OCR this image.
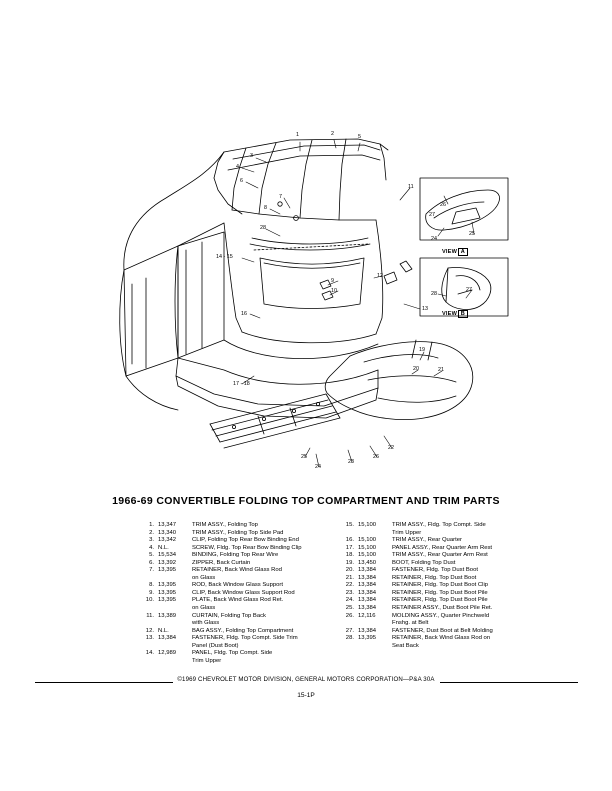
1	2	5
3
4
6
11
7
8
28
14 - 15
9
10
12
13
16
17 - 18
19
20	21
22
23
24
25	26
27
26
24
25
28
27
VIEW A
VIEW B
1966-69 CONVERTIBLE FOLDING TOP COMPARTMENT AND TRIM PARTS
1. 13,347	TRIM ASSY., Folding Top
2. 13,340	TRIM ASSY., Folding Top Side Pad
3. 13,342	CLIP, Folding Top Rear Bow Binding End
4. N.L.	SCREW, Fldg. Top Rear Bow Binding Clip
5. 15,534	BINDING, Folding Top Rear Wire
6. 13,392	ZIPPER, Back Curtain
7. 13,395	RETAINER, Back Wind Glass Rod
on Glass
8. 13,395	ROD, Back Window Glass Support
9. 13,395	CLIP, Back Window Glass Support Rod
10. 13,395	PLATE, Back Wind Glass Rod Ret.
on Glass
11. 13,389	CURTAIN, Folding Top Back
with Glass
12. N.L.	BAG ASSY., Folding Top Compartment
13. 13,384	FASTENER, Fldg. Top Compt. Side Trim
Panel (Dust Boot)
14. 12,989	PANEL, Fldg. Top Compt. Side
Trim Upper
15. 15,100	TRIM ASSY., Fldg. Top Compt. Side
Trim Upper
16. 15,100	TRIM ASSY., Rear Quarter
17. 15,100	PANEL ASSY., Rear Quarter Arm Rest
18. 15,100	TRIM ASSY., Rear Quarter Arm Rest
19. 13,450	BOOT, Folding Top Dust
20. 13,384	FASTENER, Fldg. Top Dust Boot
21. 13,384	RETAINER, Fldg. Top Dust Boot
22. 13,384	RETAINER, Fldg. Top Dust Boot Clip
23. 13,384	RETAINER, Fldg. Top Dust Boot Pile
24. 13,384	RETAINER, Fldg. Top Dust Boot Pile
25. 13,384	RETAINER ASSY., Dust Boot Pile Ret.
26. 12,116	MOLDING ASSY., Quarter Pinchweld
Fnshg. at Belt
27. 13,384	FASTENER, Dust Boot at Belt Molding
28. 13,395	RETAINER, Back Wind Glass Rod on
Seat Back
©1969 CHEVROLET MOTOR DIVISION, GENERAL MOTORS CORPORATION—P&A 30A
15-1P
